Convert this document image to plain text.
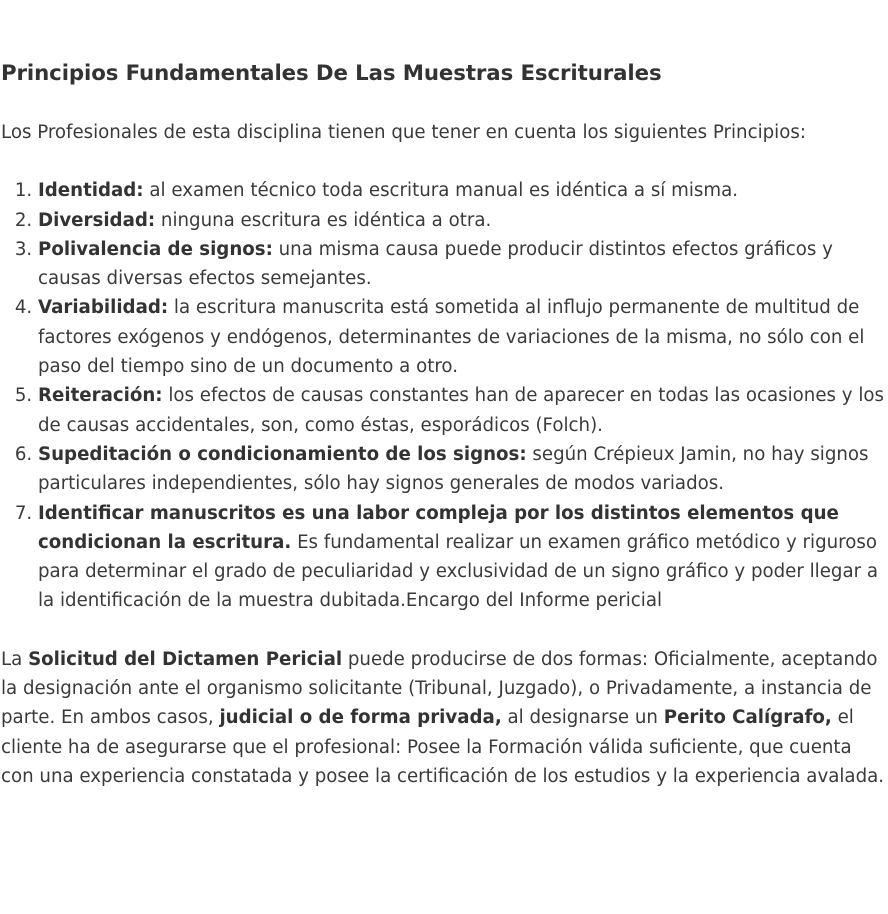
Principios Fundamentales De Las Muestras Escriturales

Los Profesionales de esta disciplina tienen que tener en cuenta los siguientes Principios:

1. Identidad: al examen técnico toda escritura manual es idéntica a sí misma.
2. Diversidad: ninguna escritura es idéntica a otra.
3. Polivalencia de signos: una misma causa puede producir distintos efectos gráficos y causas diversas efectos semejantes.
4. Variabilidad: la escritura manuscrita está sometida al influjo permanente de multitud de factores exógenos y endógenos, determinantes de variaciones de la misma, no sólo con el paso del tiempo sino de un documento a otro.
5. Reiteración: los efectos de causas constantes han de aparecer en todas las ocasiones y los de causas accidentales, son, como éstas, esporádicos (Folch).
6. Supeditación o condicionamiento de los signos: según Crépieux Jamin, no hay signos particulares independientes, sólo hay signos generales de modos variados.
7. Identificar manuscritos es una labor compleja por los distintos elementos que condicionan la escritura. Es fundamental realizar un examen gráfico metódico y riguroso para determinar el grado de peculiaridad y exclusividad de un signo gráfico y poder llegar a la identificación de la muestra dubitada.Encargo del Informe pericial

La Solicitud del Dictamen Pericial puede producirse de dos formas: Oficialmente, aceptando la designación ante el organismo solicitante (Tribunal, Juzgado), o Privadamente, a instancia de parte. En ambos casos, judicial o de forma privada, al designarse un Perito Calígrafo, el cliente ha de asegurarse que el profesional: Posee la Formación válida suficiente, que cuenta con una experiencia constatada y posee la certificación de los estudios y la experiencia avalada.
